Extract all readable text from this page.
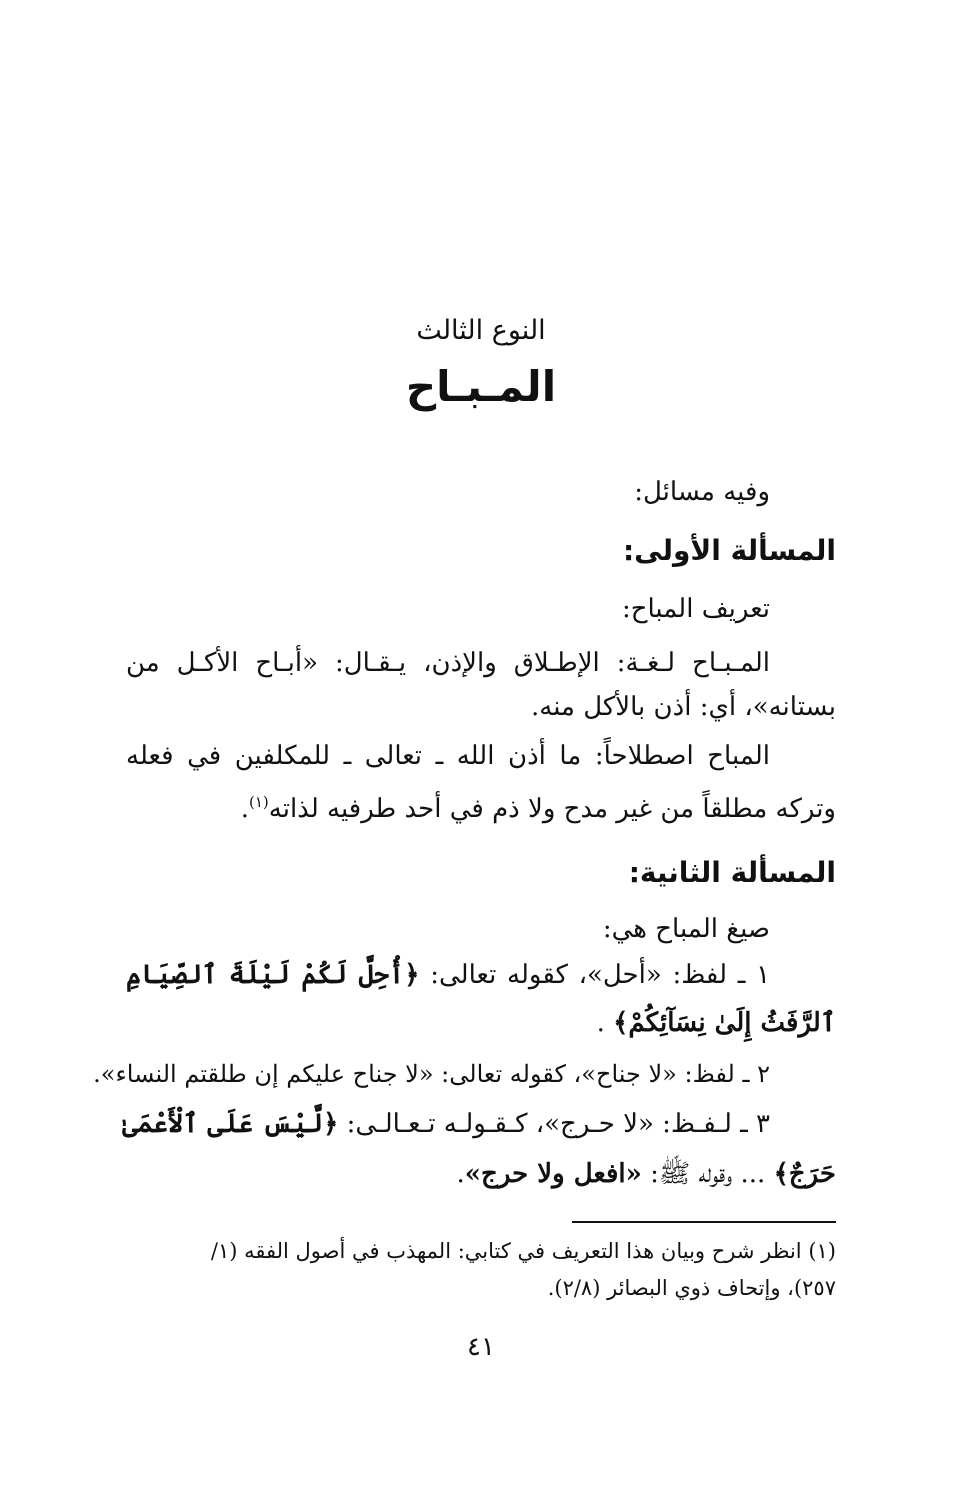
النوع الثالث
المـبـاح
وفيه مسائل:
المسألة الأولى:
تعريف المباح:
المـبـاح لـغـة: الإطـلاق والإذن، يـقـال: «أبـاح الأكـل من
بستانه»، أي: أذن بالأكل منه.
المباح اصطلاحاً: ما أذن الله ـ تعالى ـ للمكلفين في فعله
وتركه مطلقاً من غير مدح ولا ذم في أحد طرفيه لذاته$^{(١)}$.
المسألة الثانية:
صيغ المباح هي:
١ ـ لفظ: «أحل»، كقوله تعالى: ﴿أُحِلَّ لَكُمْ لَيْلَةَ ٱلصِّيَامِ
ٱلرَّفَثُ إِلَىٰ نِسَآئِكُمْ﴾ .
٢ ـ لفظ: «لا جناح»، كقوله تعالى: «لا جناح عليكم إن طلقتم النساء».
٣ ـ لـفـظ: «لا حـرج»، كـقـولـه تـعـالـى: ﴿لَّيْسَ عَلَى ٱلْأَعْمَىٰ
حَرَجٌ﴾ ... وقوله ﷺ: «افعل ولا حرج».
(١) انظر شرح وبيان هذا التعريف في كتابي: المهذب في أصول الفقه (١/
٢٥٧)، وإتحاف ذوي البصائر (٢/٨).
٤١
